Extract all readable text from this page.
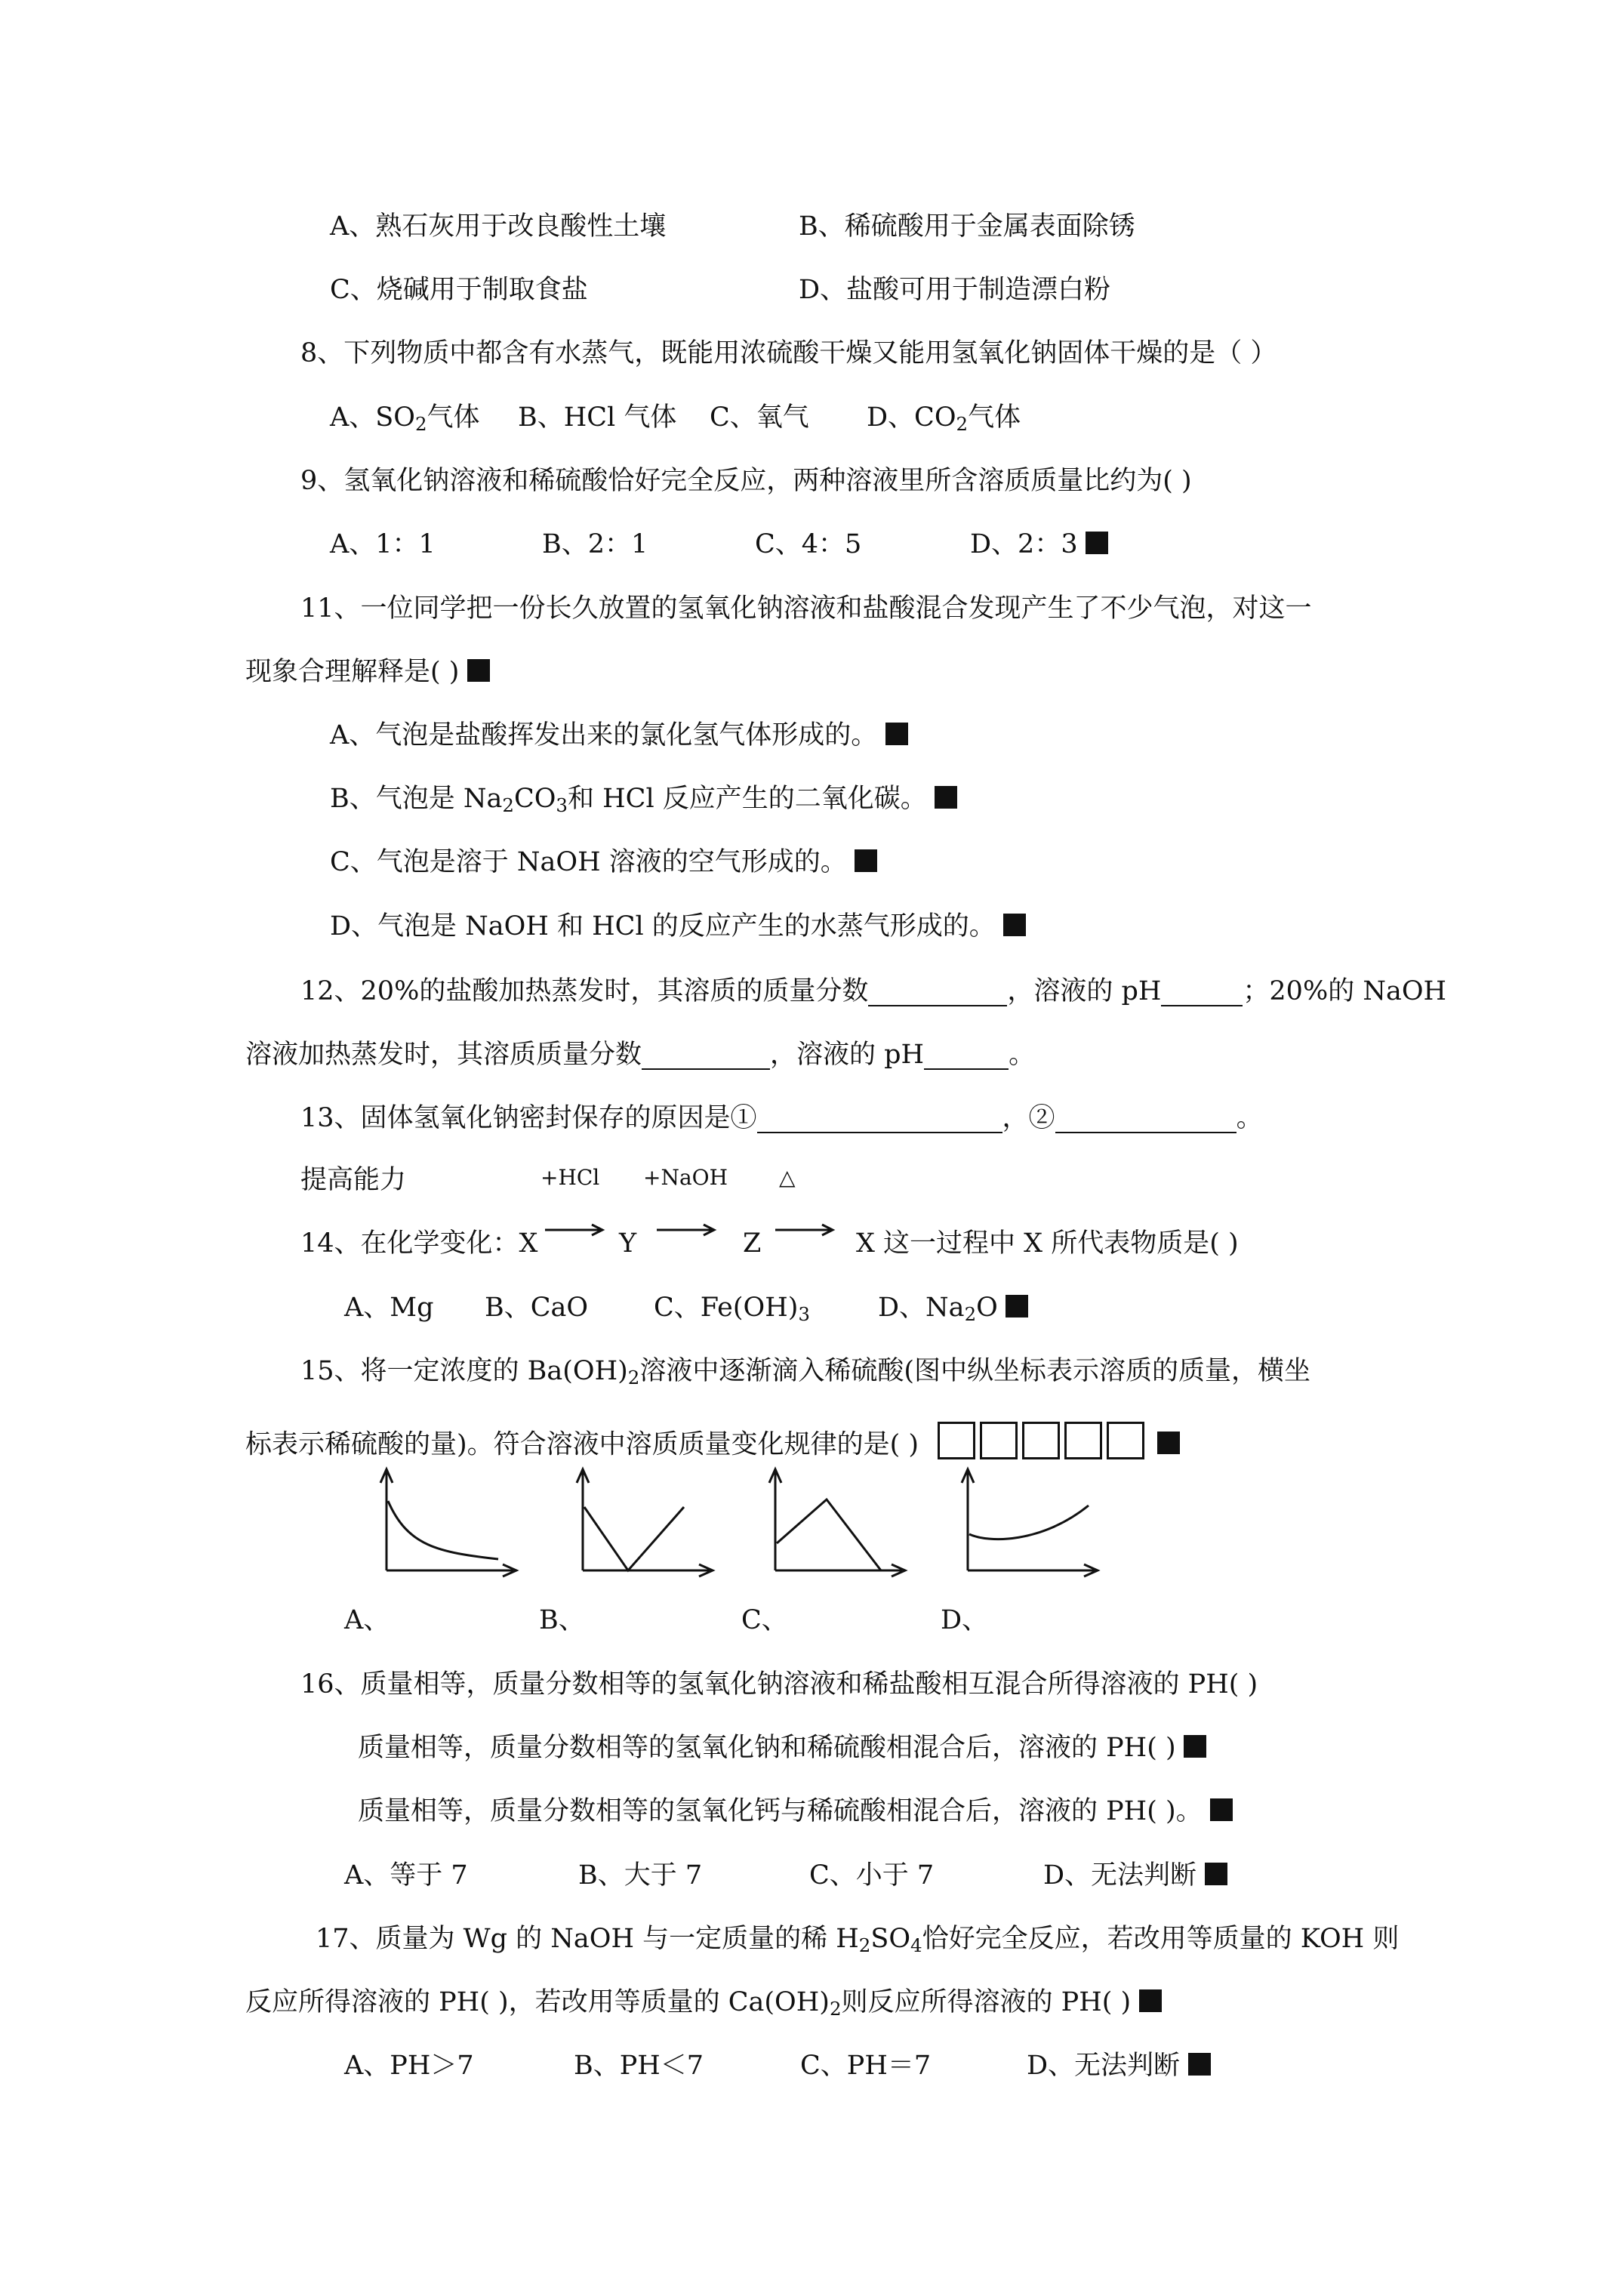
A、熟石灰用于改良酸性土壤	B、稀硫酸用于金属表面除锈
C、烧碱用于制取食盐	D、盐酸可用于制造漂白粉
8、下列物质中都含有水蒸气，既能用浓硫酸干燥又能用氢氧化钠固体干燥的是（ ）
A、$SO_2$气体 B、HCl 气体 C、氧气 D、$CO_2$气体
9、氢氧化钠溶液和稀硫酸恰好完全反应，两种溶液里所含溶质质量比约为( )
A、1：1	B、2：1	C、4：5	D、2：3
11、一位同学把一份长久放置的氢氧化钠溶液和盐酸混合发现产生了不少气泡，对这一
现象合理解释是( )
A、气泡是盐酸挥发出来的氯化氢气体形成的。
B、气泡是 $Na_2CO_3$和 HCl 反应产生的二氧化碳。
C、气泡是溶于 NaOH 溶液的空气形成的。
D、气泡是 NaOH 和 HCl 的反应产生的水蒸气形成的。
12、20%的盐酸加热蒸发时，其溶质的质量分数	，溶液的 pH	；20%的 NaOH
溶液加热蒸发时，其溶质质量分数	，溶液的 pH	。
13、固体氢氧化钠密封保存的原因是①	，②	。
提高能力	+HCl +NaOH △
14、在化学变化：X → Y → Z → X 这一过程中 X 所代表物质是( )
A、Mg B、CaO C、$Fe(OH)_3$	D、$Na_2O$
15、将一定浓度的 $Ba(OH)_2$溶液中逐渐滴入稀硫酸(图中纵坐标表示溶质的质量，横坐
标表示稀硫酸的量)。符合溶液中溶质质量变化规律的是( )
A、	B、	C、	D、
16、质量相等，质量分数相等的氢氧化钠溶液和稀盐酸相互混合所得溶液的 PH( )
质量相等，质量分数相等的氢氧化钠和稀硫酸相混合后，溶液的 PH( )
质量相等，质量分数相等的氢氧化钙与稀硫酸相混合后，溶液的 PH( )。
A、等于 7	B、大于 7	C、小于 7	D、无法判断
17、质量为 Wg 的 NaOH 与一定质量的稀 $H_2SO_4$恰好完全反应，若改用等质量的 KOH 则
反应所得溶液的 PH( )，若改用等质量的 $Ca(OH)_2$则反应所得溶液的 PH( )
A、PH＞7	B、PH＜7	C、PH＝7	D、无法判断
